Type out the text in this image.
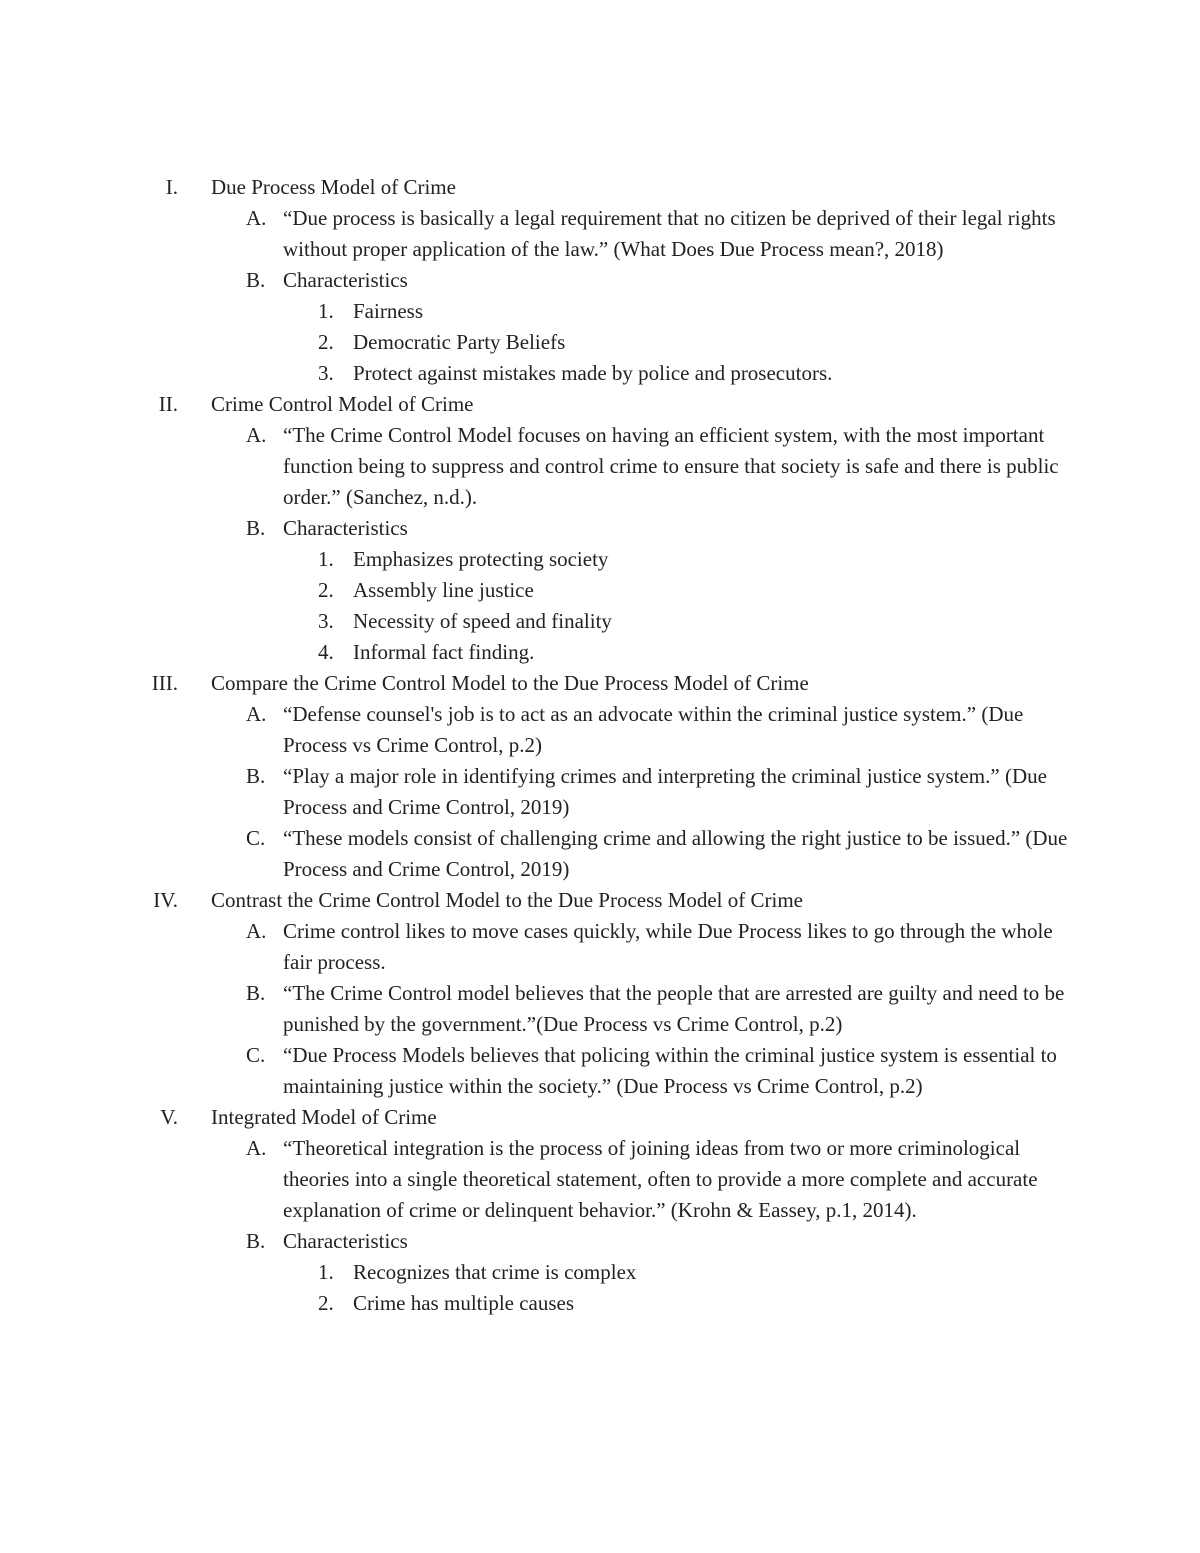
I. Due Process Model of Crime
A. “Due process is basically a legal requirement that no citizen be deprived of their legal rights without proper application of the law.” (What Does Due Process mean?, 2018)
B. Characteristics
1. Fairness
2. Democratic Party Beliefs
3. Protect against mistakes made by police and prosecutors.
II. Crime Control Model of Crime
A. “The Crime Control Model focuses on having an efficient system, with the most important function being to suppress and control crime to ensure that society is safe and there is public order.” (Sanchez, n.d.).
B. Characteristics
1. Emphasizes protecting society
2. Assembly line justice
3. Necessity of speed and finality
4. Informal fact finding.
III. Compare the Crime Control Model to the Due Process Model of Crime
A. “Defense counsel's job is to act as an advocate within the criminal justice system.” (Due Process vs Crime Control, p.2)
B. “Play a major role in identifying crimes and interpreting the criminal justice system.” (Due Process and Crime Control, 2019)
C. “These models consist of challenging crime and allowing the right justice to be issued.” (Due Process and Crime Control, 2019)
IV. Contrast the Crime Control Model to the Due Process Model of Crime
A. Crime control likes to move cases quickly, while Due Process likes to go through the whole fair process.
B. “The Crime Control model believes that the people that are arrested are guilty and need to be punished by the government.”(Due Process vs Crime Control, p.2)
C. “Due Process Models believes that policing within the criminal justice system is essential to maintaining justice within the society.” (Due Process vs Crime Control, p.2)
V. Integrated Model of Crime
A. “Theoretical integration is the process of joining ideas from two or more criminological theories into a single theoretical statement, often to provide a more complete and accurate explanation of crime or delinquent behavior.” (Krohn & Eassey, p.1, 2014).
B. Characteristics
1. Recognizes that crime is complex
2. Crime has multiple causes
